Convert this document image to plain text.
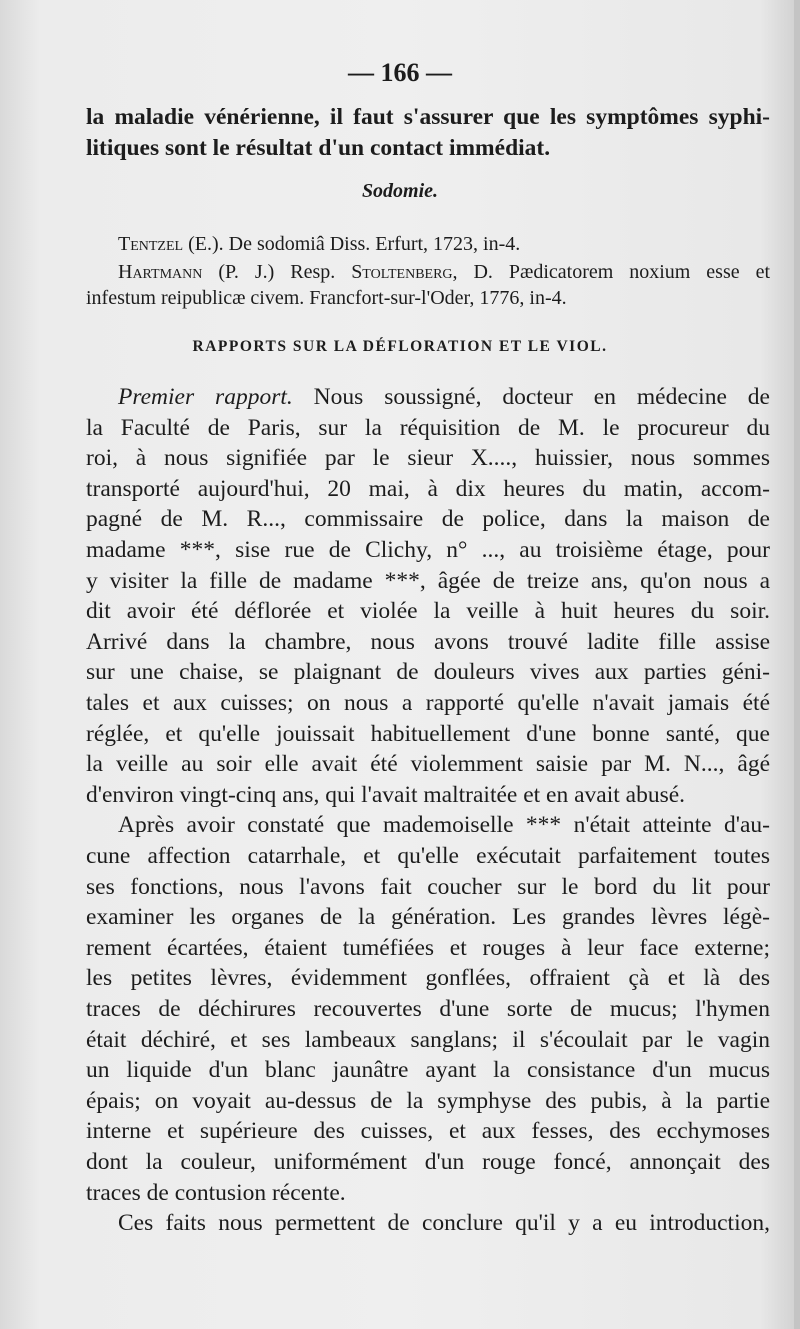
— 166 —
la maladie vénérienne, il faut s'assurer que les symptômes syphi-
litiques sont le résultat d'un contact immédiat.
Sodomie.
Tentzel (E.). De sodomiâ Diss. Erfurt, 1723, in-4.
Hartmann (P. J.) Resp. Stoltenberg, D. Pædicatorem noxium esse et
infestum reipublicæ civem. Francfort-sur-l'Oder, 1776, in-4.
RAPPORTS SUR LA DÉFLORATION ET LE VIOL.
Premier rapport. Nous soussigné, docteur en médecine de
la Faculté de Paris, sur la réquisition de M. le procureur du
roi, à nous signifiée par le sieur X...., huissier, nous sommes
transporté aujourd'hui, 20 mai, à dix heures du matin, accom-
pagné de M. R..., commissaire de police, dans la maison de
madame ***, sise rue de Clichy, n° ..., au troisième étage, pour
y visiter la fille de madame ***, âgée de treize ans, qu'on nous a
dit avoir été déflorée et violée la veille à huit heures du soir.
Arrivé dans la chambre, nous avons trouvé ladite fille assise
sur une chaise, se plaignant de douleurs vives aux parties géni-
tales et aux cuisses; on nous a rapporté qu'elle n'avait jamais été
réglée, et qu'elle jouissait habituellement d'une bonne santé, que
la veille au soir elle avait été violemment saisie par M. N..., âgé
d'environ vingt-cinq ans, qui l'avait maltraitée et en avait abusé.
Après avoir constaté que mademoiselle *** n'était atteinte d'au-
cune affection catarrhale, et qu'elle exécutait parfaitement toutes
ses fonctions, nous l'avons fait coucher sur le bord du lit pour
examiner les organes de la génération. Les grandes lèvres légè-
rement écartées, étaient tuméfiées et rouges à leur face externe;
les petites lèvres, évidemment gonflées, offraient çà et là des
traces de déchirures recouvertes d'une sorte de mucus; l'hymen
était déchiré, et ses lambeaux sanglans; il s'écoulait par le vagin
un liquide d'un blanc jaunâtre ayant la consistance d'un mucus
épais; on voyait au-dessus de la symphyse des pubis, à la partie
interne et supérieure des cuisses, et aux fesses, des ecchymoses
dont la couleur, uniformément d'un rouge foncé, annonçait des
traces de contusion récente.
Ces faits nous permettent de conclure qu'il y a eu introduction,
